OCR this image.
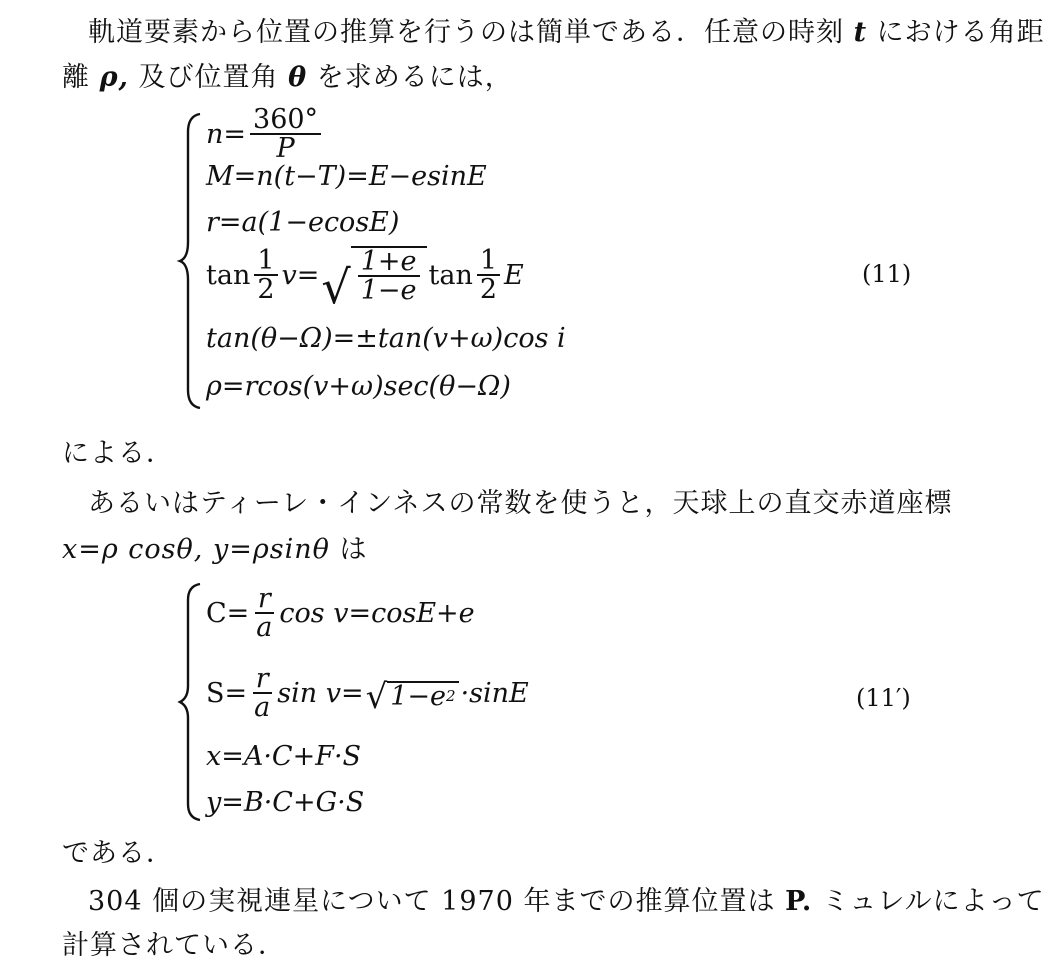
軌道要素から位置の推算を行うのは簡単である．任意の時刻 t における角距
離 ρ, 及び位置角 θ を求めるには，
$n= \frac{360^\circ}{P}$
M=n(t−T)=E−esinE
r=a(1−ecosE)
$\tan \frac{1}{2} v=$ √ $\frac{1+e}{1-e}$ $\tan \frac{1}{2}$ E
tan(θ−Ω)=±tan(v+ω)cos i
ρ=rcos(v+ω)sec(θ−Ω)
(11)
による．
あるいはティーレ・インネスの常数を使うと，天球上の直交赤道座標
x=ρ cosθ, y=ρsinθ は
$C= \frac{r}{a}$ cos v=cosE+e
$S= \frac{r}{a}$ sin v= √ 1−e 2 ·sinE
x=A·C+F·S
y=B·C+G·S
(11′)
である．
304 個の実視連星について 1970 年までの推算位置は P. ミュレルによって
計算されている．
